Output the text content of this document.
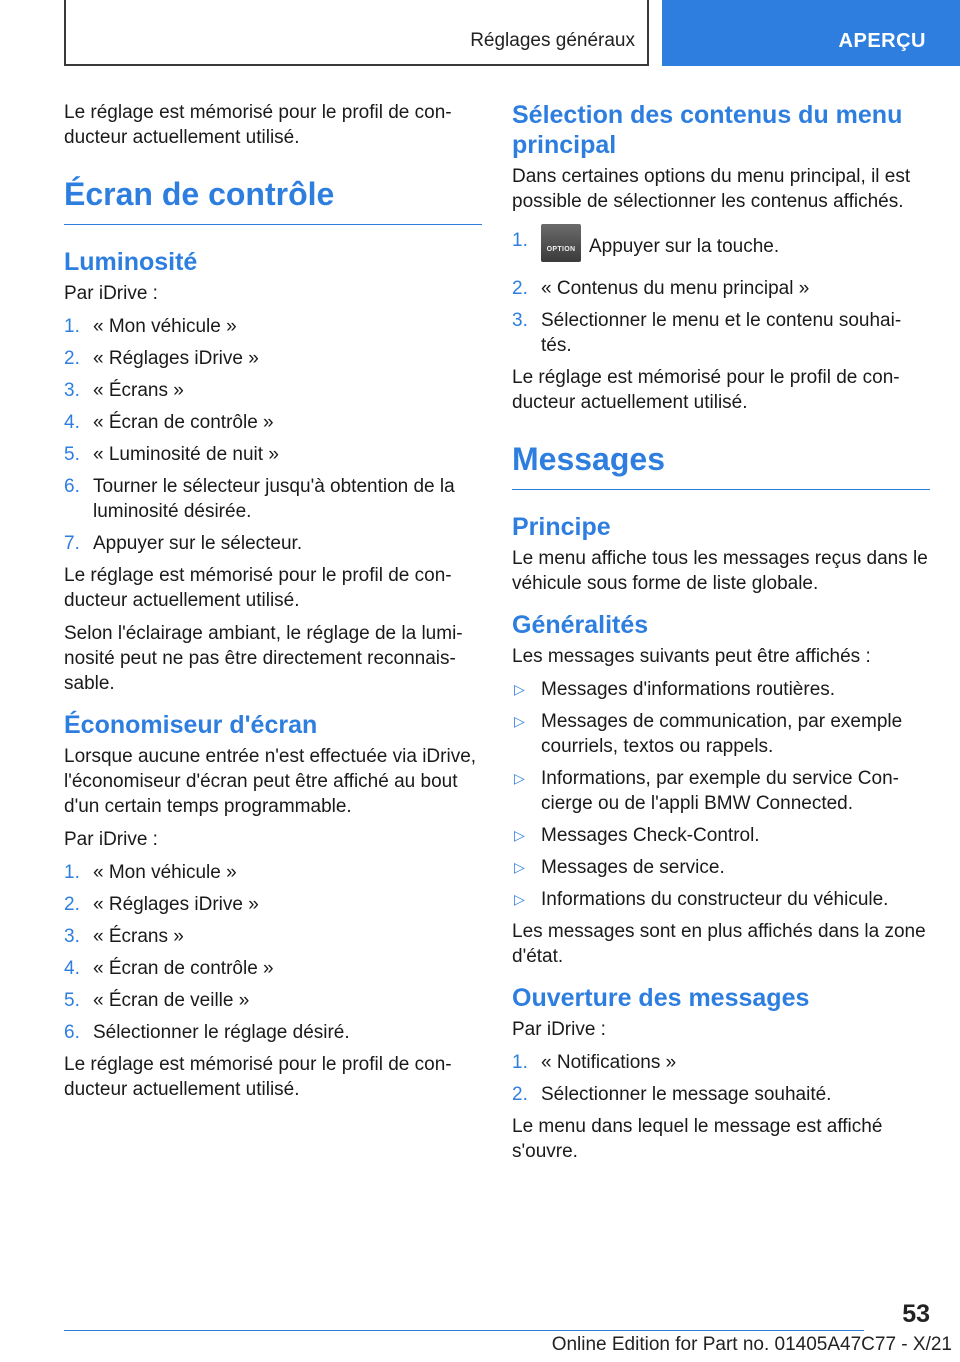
Réglages généraux	APERÇU

Le réglage est mémorisé pour le profil de con-ducteur actuellement utilisé.

Écran de contrôle
Luminosité

Par iDrive :

1. « Mon véhicule »
2. « Réglages iDrive »
3. « Écrans »
4. « Écran de contrôle »
5. « Luminosité de nuit »
6. Tourner le sélecteur jusqu'à obtention de la luminosité désirée.
7. Appuyer sur le sélecteur.

Le réglage est mémorisé pour le profil de con-ducteur actuellement utilisé.

Selon l'éclairage ambiant, le réglage de la lumi-nosité peut ne pas être directement reconnais-sable.

Économiseur d'écran

Lorsque aucune entrée n'est effectuée via iDrive, l'économiseur d'écran peut être affiché au bout d'un certain temps programmable.

Par iDrive :

1. « Mon véhicule »
2. « Réglages iDrive »
3. « Écrans »
4. « Écran de contrôle »
5. « Écran de veille »
6. Sélectionner le réglage désiré.

Le réglage est mémorisé pour le profil de con-ducteur actuellement utilisé.

Sélection des contenus du menu principal

Dans certaines options du menu principal, il est possible de sélectionner les contenus affichés.

1.	OPTION Appuyer sur la touche.
2. « Contenus du menu principal »
3. Sélectionner le menu et le contenu souhai-tés.

Le réglage est mémorisé pour le profil de con-ducteur actuellement utilisé.

Messages
Principe

Le menu affiche tous les messages reçus dans le véhicule sous forme de liste globale.

Généralités

Les messages suivants peut être affichés :

▷ Messages d'informations routières.
▷ Messages de communication, par exemple courriels, textos ou rappels.
▷ Informations, par exemple du service Con-cierge ou de l'appli BMW Connected.
▷ Messages Check-Control.
▷ Messages de service.
▷ Informations du constructeur du véhicule.

Les messages sont en plus affichés dans la zone d'état.

Ouverture des messages

Par iDrive :

1. « Notifications »
2. Sélectionner le message souhaité.

Le menu dans lequel le message est affiché s'ouvre.

53
Online Edition for Part no. 01405A47C77 - X/21
